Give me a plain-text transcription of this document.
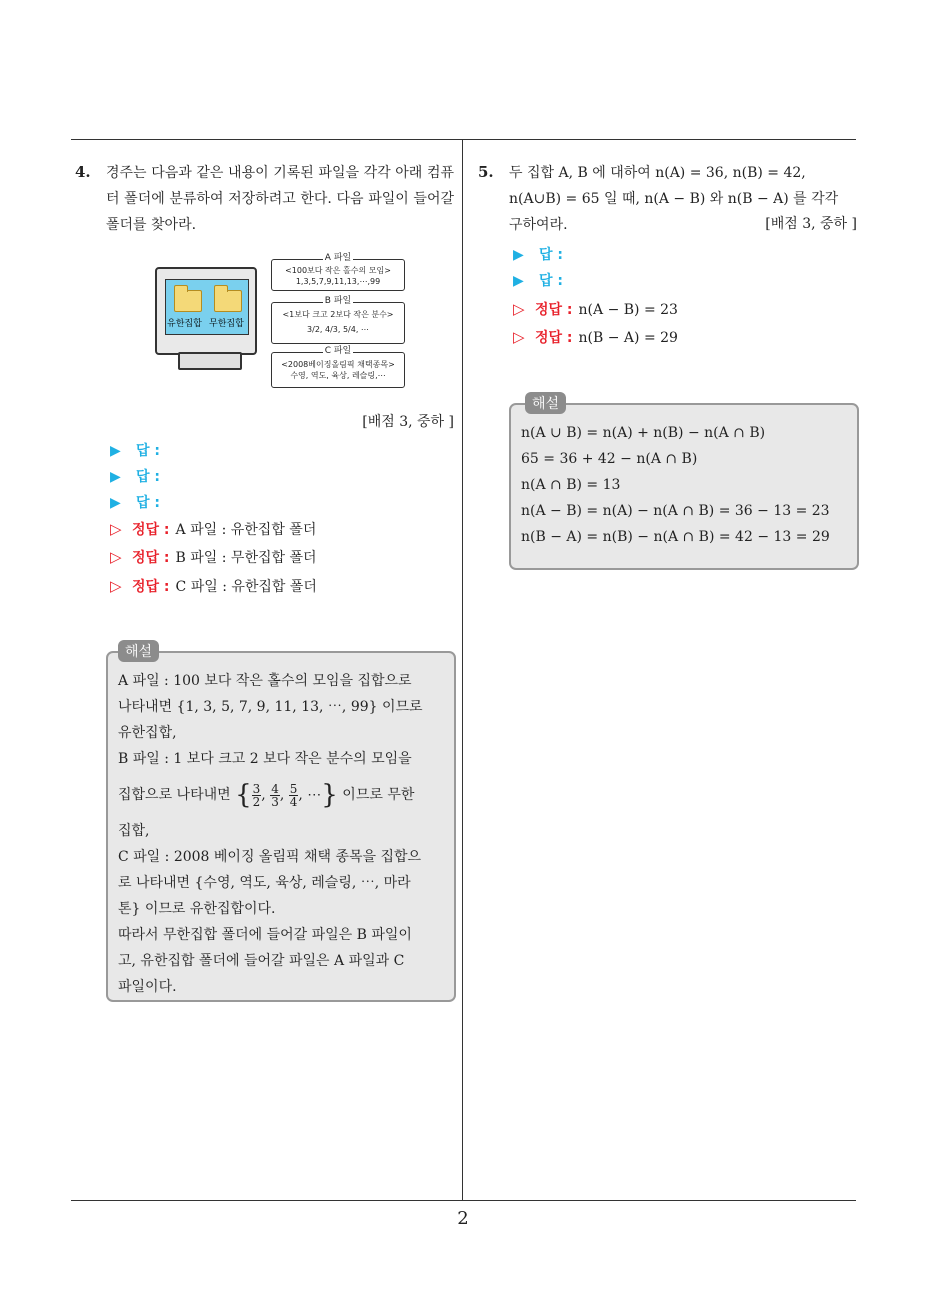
2
4. 경주는 다음과 같은 내용이 기록된 파일을 각각 아래 컴퓨터 폴더에 분류하여 저장하려고 한다. 다음 파일이 들어갈 폴더를 찾아라.
유한집합 무한집합
A 파일
<100보다 작은 홀수의 모임>
1,3,5,7,9,11,13,⋯,99
B 파일
<1보다 크고 2보다 작은 분수>
3/2, 4/3, 5/4, ⋯
C 파일
<2008베이징올림픽 채택종목>
수영, 역도, 육상, 레슬링,⋯
[배점 3, 중하 ]
▶ 답 :
▶ 답 :
▶ 답 :
▷ 정답 : A 파일 : 유한집합 폴더
▷ 정답 : B 파일 : 무한집합 폴더
▷ 정답 : C 파일 : 유한집합 폴더
해설
A 파일 : 100 보다 작은 홀수의 모임을 집합으로
나타내면 {1, 3, 5, 7, 9, 11, 13, ⋯, 99} 이므로
유한집합,
B 파일 : 1 보다 크고 2 보다 작은 분수의 모임을
집합으로 나타내면 { $\frac{3}{2}$ , $\frac{4}{3}$ , $\frac{5}{4}$ , ⋯} 이므로 무한
집합,
C 파일 : 2008 베이징 올림픽 채택 종목을 집합으
로 나타내면 {수영, 역도, 육상, 레슬링, ⋯, 마라
톤} 이므로 유한집합이다.
따라서 무한집합 폴더에 들어갈 파일은 B 파일이
고, 유한집합 폴더에 들어갈 파일은 A 파일과 C
파일이다.
5. 두 집합 A, B 에 대하여 n(A) = 36, n(B) = 42,
n(A∪B) = 65 일 때, n(A − B) 와 n(B − A) 를 각각
구하여라.	[배점 3, 중하 ]
▶ 답 :
▶ 답 :
▷ 정답 : n(A − B) = 23
▷ 정답 : n(B − A) = 29
해설
n(A ∪ B) = n(A) + n(B) − n(A ∩ B)
65 = 36 + 42 − n(A ∩ B)
n(A ∩ B) = 13
n(A − B) = n(A) − n(A ∩ B) = 36 − 13 = 23
n(B − A) = n(B) − n(A ∩ B) = 42 − 13 = 29
